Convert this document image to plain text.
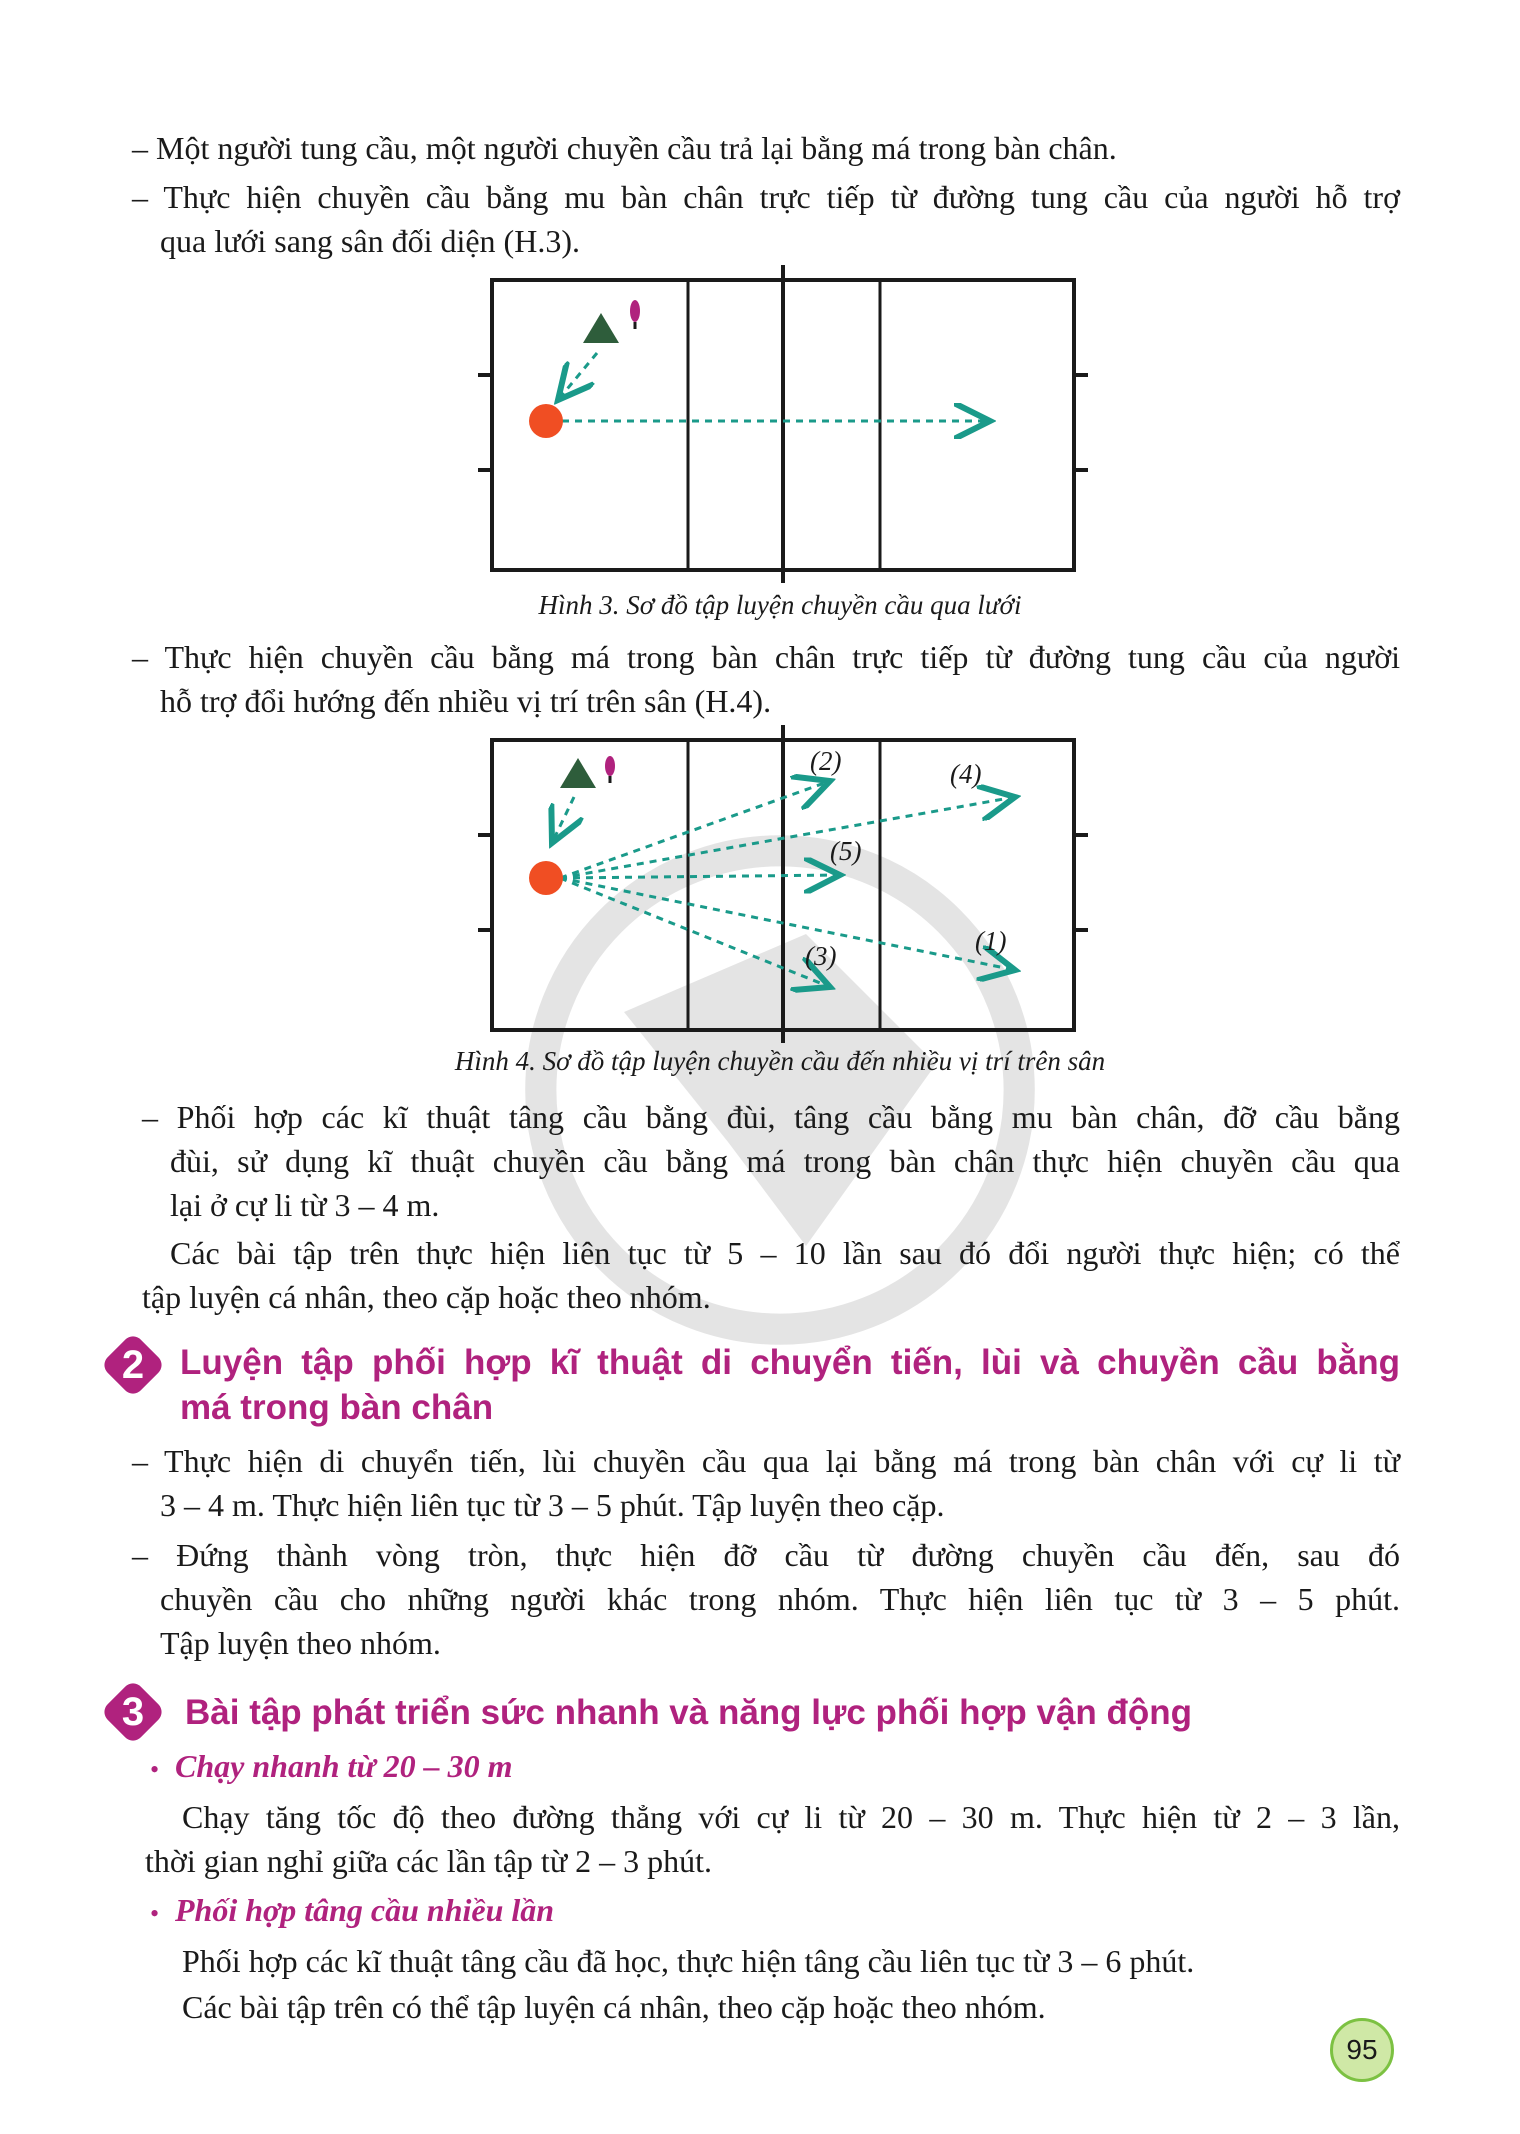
– Một người tung cầu, một người chuyền cầu trả lại bằng má trong bàn chân.
– Thực hiện chuyền cầu bằng mu bàn chân trực tiếp từ đường tung cầu của người hỗ trợ
qua lưới sang sân đối diện (H.3).
Hình 3. Sơ đồ tập luyện chuyền cầu qua lưới
– Thực hiện chuyền cầu bằng má trong bàn chân trực tiếp từ đường tung cầu của người
hỗ trợ đổi hướng đến nhiều vị trí trên sân (H.4).
(2)	(4)
(5)
(1)
(3)
Hình 4. Sơ đồ tập luyện chuyền cầu đến nhiều vị trí trên sân
– Phối hợp các kĩ thuật tâng cầu bằng đùi, tâng cầu bằng mu bàn chân, đỡ cầu bằng
đùi, sử dụng kĩ thuật chuyền cầu bằng má trong bàn chân thực hiện chuyền cầu qua
lại ở cự li từ 3 – 4 m.
Các bài tập trên thực hiện liên tục từ 5 – 10 lần sau đó đổi người thực hiện; có thể
tập luyện cá nhân, theo cặp hoặc theo nhóm.
2	Luyện tập phối hợp kĩ thuật di chuyển tiến, lùi và chuyền cầu bằng
má trong bàn chân
– Thực hiện di chuyển tiến, lùi chuyền cầu qua lại bằng má trong bàn chân với cự li từ
3 – 4 m. Thực hiện liên tục từ 3 – 5 phút. Tập luyện theo cặp.
– Đứng thành vòng tròn, thực hiện đỡ cầu từ đường chuyền cầu đến, sau đó
chuyền cầu cho những người khác trong nhóm. Thực hiện liên tục từ 3 – 5 phút.
Tập luyện theo nhóm.
3	Bài tập phát triển sức nhanh và năng lực phối hợp vận động
• Chạy nhanh từ 20 – 30 m
Chạy tăng tốc độ theo đường thẳng với cự li từ 20 – 30 m. Thực hiện từ 2 – 3 lần,
thời gian nghỉ giữa các lần tập từ 2 – 3 phút.
• Phối hợp tâng cầu nhiều lần
Phối hợp các kĩ thuật tâng cầu đã học, thực hiện tâng cầu liên tục từ 3 – 6 phút.
Các bài tập trên có thể tập luyện cá nhân, theo cặp hoặc theo nhóm.
95
